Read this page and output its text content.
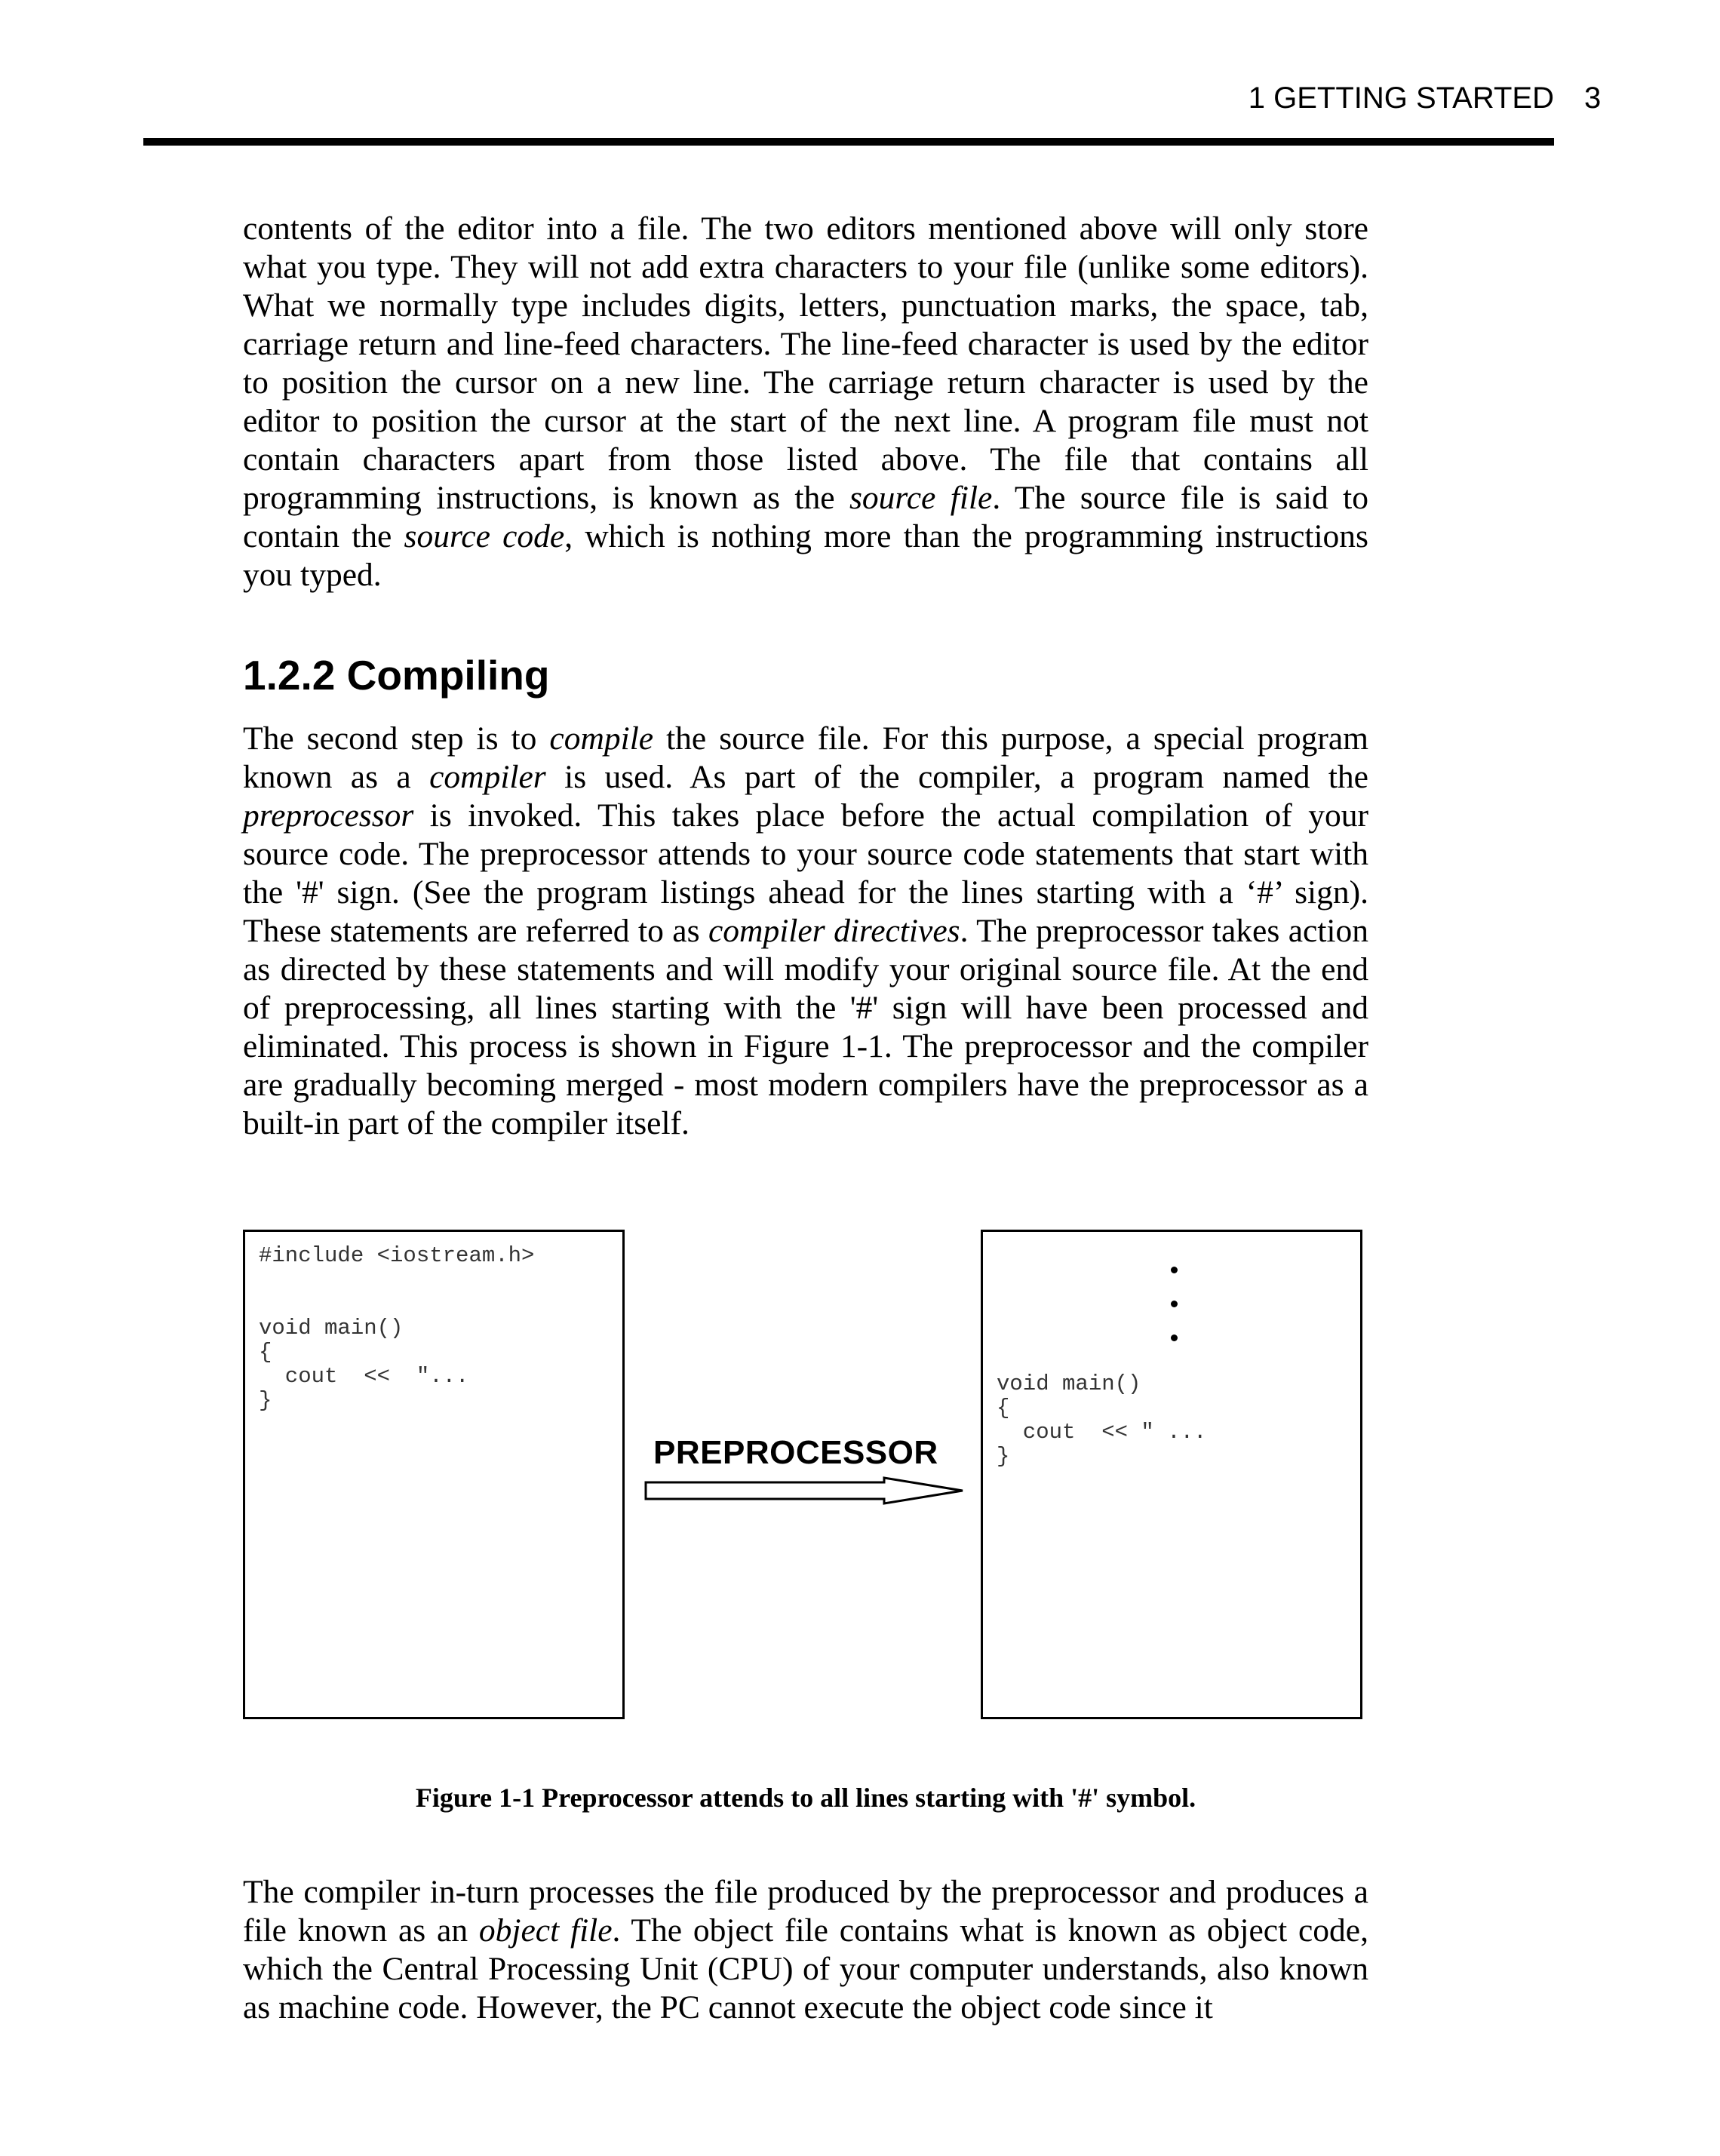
1 GETTING STARTED 3

contents of the editor into a file. The two editors mentioned above will only store what you type. They will not add extra characters to your file (unlike some editors). What we normally type includes digits, letters, punctuation marks, the space, tab, carriage return and line-feed characters. The line-feed character is used by the editor to position the cursor on a new line. The carriage return character is used by the editor to position the cursor at the start of the next line. A program file must not contain characters apart from those listed above. The file that contains all programming instructions, is known as the source file. The source file is said to contain the source code, which is nothing more than the programming instructions you typed.

1.2.2 Compiling

The second step is to compile the source file. For this purpose, a special program known as a compiler is used. As part of the compiler, a program named the preprocessor is invoked. This takes place before the actual compilation of your source code. The preprocessor attends to your source code statements that start with the '#' sign. (See the program listings ahead for the lines starting with a ‘#’ sign). These statements are referred to as compiler directives. The preprocessor takes action as directed by these statements and will modify your original source file. At the end of preprocessing, all lines starting with the '#' sign will have been processed and eliminated. This process is shown in Figure 1-1. The preprocessor and the compiler are gradually becoming merged - most modern compilers have the preprocessor as a built-in part of the compiler itself.

#include <iostream.h>
void main()
{
cout  <<  "...
}
PREPROCESSOR
void main()
{
cout  << " ...
}
Figure 1-1 Preprocessor attends to all lines starting with '#' symbol.

The compiler in-turn processes the file produced by the preprocessor and produces a file known as an object file. The object file contains what is known as object code, which the Central Processing Unit (CPU) of your computer understands, also known as machine code. However, the PC cannot execute the object code since it
